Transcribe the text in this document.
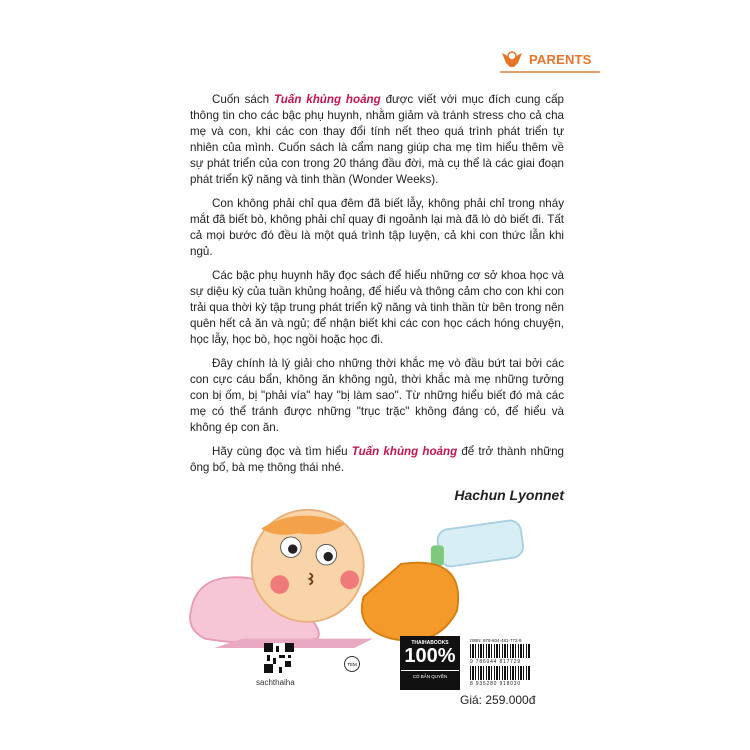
PARENTS

Cuốn sách Tuấn khủng hoảng được viết với mục đích cung cấp thông tin cho các bậc phụ huynh, nhằm giảm và tránh stress cho cả cha mẹ và con, khi các con thay đổi tính nết theo quá trình phát triển tự nhiên của mình. Cuốn sách là cẩm nang giúp cha mẹ tìm hiểu thêm về sự phát triển của con trong 20 tháng đầu đời, mà cụ thể là các giai đoạn phát triển kỹ năng và tinh thần (Wonder Weeks).

Con không phải chỉ qua đêm đã biết lẫy, không phải chỉ trong nháy mắt đã biết bò, không phải chỉ quay đi ngoảnh lại mà đã lò dò biết đi. Tất cả mọi bước đó đều là một quá trình tập luyện, cả khi con thức lẫn khi ngủ.

Các bậc phụ huynh hãy đọc sách để hiểu những cơ sở khoa học và sự diệu kỳ của tuần khủng hoảng, để hiểu và thông cảm cho con khi con trải qua thời kỳ tập trung phát triển kỹ năng và tinh thần từ bên trong nên quên hết cả ăn và ngủ; để nhận biết khi các con học cách hóng chuyện, học lẫy, học bò, học ngồi hoặc học đi.

Đây chính là lý giải cho những thời khắc mẹ vò đầu bứt tai bởi các con cực cáu bẩn, không ăn không ngủ, thời khắc mà mẹ những tưởng con bị ốm, bị "phải vía" hay "bị làm sao". Từ những hiểu biết đó mà các mẹ có thể tránh được những "trục trặc" không đáng có, để hiểu và không ép con ăn.

Hãy cùng đọc và tìm hiểu Tuấn khủng hoảng để trở thành những ông bố, bà mẹ thông thái nhé.

Hachun Lyonnet
sachthaiha
TEM
THAIHABOOKS
100%
CÓ BẢN QUYỀN
ISBN: 978-604-481-772-9
9 786044 817729
8 935280 918030
Giá: 259.000đ
